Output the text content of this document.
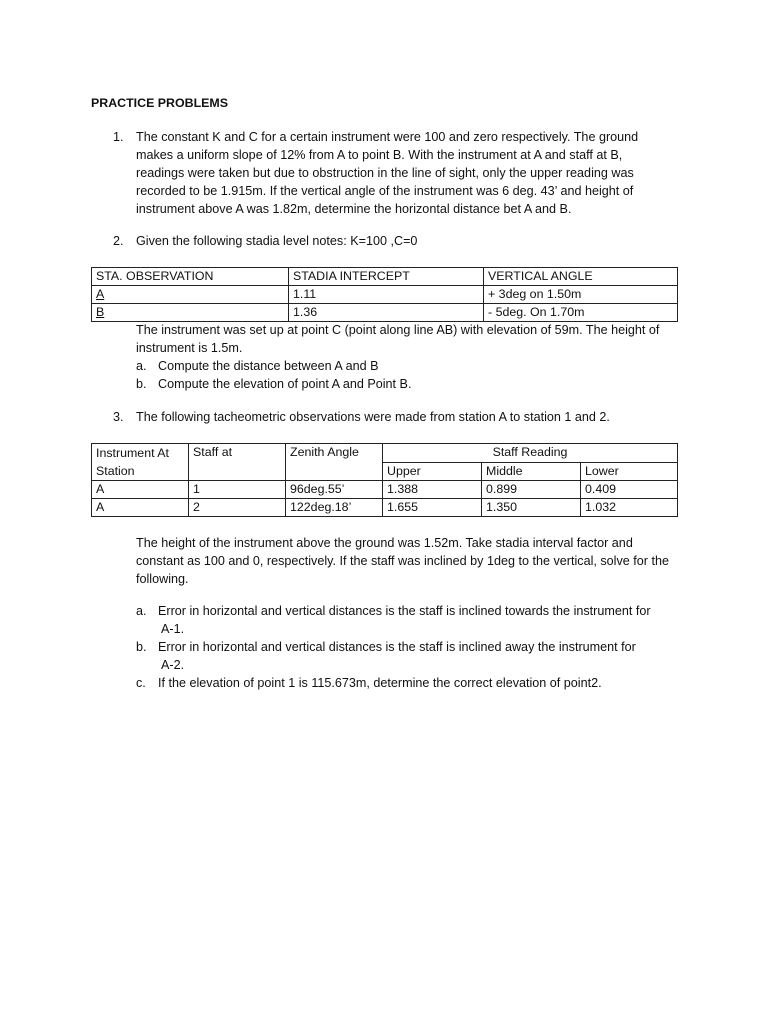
PRACTICE PROBLEMS
1. The constant K and C for a certain instrument were 100 and zero respectively. The ground

makes a uniform slope of 12% from A to point B. With the instrument at A and staff at B,

readings were taken but due to obstruction in the line of sight, only the upper reading was

recorded to be 1.915m. If the vertical angle of the instrument was 6 deg. 43’ and height of

instrument above A was 1.82m, determine the horizontal distance bet A and B.

2. Given the following stadia level notes: K=100 ,C=0
STA. OBSERVATION	STADIA INTERCEPT	VERTICAL ANGLE
A	1.11	+ 3deg on 1.50m
B	1.36	- 5deg. On 1.70m

The instrument was set up at point C (point along line AB) with elevation of 59m. The height of

instrument is 1.5m.

a. Compute the distance between A and B
b. Compute the elevation of point A and Point B.
3. The following tacheometric observations were made from station A to station 1 and 2.
Instrument At
Station	Staff at	Zenith Angle	Staff Reading		
			Upper	Middle	Lower
A	1	96deg.55’	1.388	0.899	0.409
A	2	122deg.18’	1.655	1.350	1.032

The height of the instrument above the ground was 1.52m. Take stadia interval factor and

constant as 100 and 0, respectively. If the staff was inclined by 1deg to the vertical, solve for the

following.

a. Error in horizontal and vertical distances is the staff is inclined towards the instrument for
A-1.
b. Error in horizontal and vertical distances is the staff is inclined away the instrument for
A-2.
c. If the elevation of point 1 is 115.673m, determine the correct elevation of point2.
